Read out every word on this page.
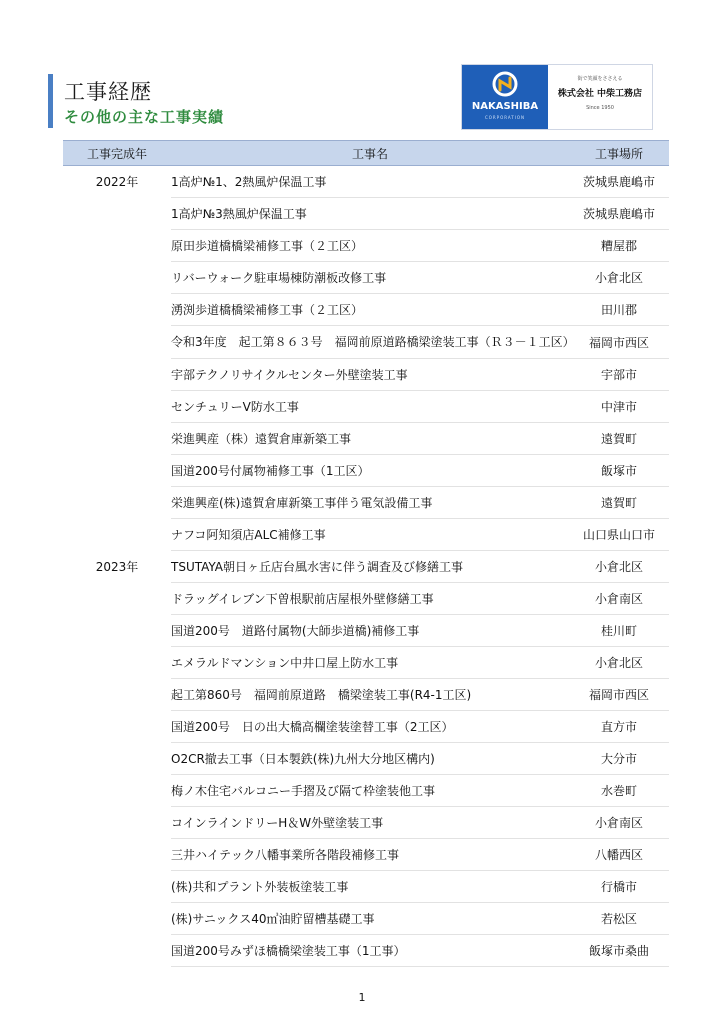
工事経歴
その他の主な工事実績
NAKASHIBA
CORPORATION
街で笑顔をささえる
株式会社 中柴工務店
Since 1950
工事完成年	工事名	工事場所
2022年	1高炉№1、2熱風炉保温工事	茨城県鹿嶋市
	1高炉№3熱風炉保温工事	茨城県鹿嶋市
	原田歩道橋橋梁補修工事（２工区）	糟屋郡
	リバーウォーク駐車場棟防潮板改修工事	小倉北区
	湧渕歩道橋橋梁補修工事（２工区）	田川郡
	令和3年度　起工第８６３号　福岡前原道路橋梁塗装工事（Ｒ３－１工区）	福岡市西区
	宇部テクノリサイクルセンター外壁塗装工事	宇部市
	センチュリーⅤ防水工事	中津市
	栄進興産（株）遠賀倉庫新築工事	遠賀町
	国道200号付属物補修工事（1工区）	飯塚市
	栄進興産(株)遠賀倉庫新築工事伴う電気設備工事	遠賀町
	ナフコ阿知須店ALC補修工事	山口県山口市
2023年	TSUTAYA朝日ヶ丘店台風水害に伴う調査及び修繕工事	小倉北区
	ドラッグイレブン下曽根駅前店屋根外壁修繕工事	小倉南区
	国道200号　道路付属物(大師歩道橋)補修工事	桂川町
	エメラルドマンション中井口屋上防水工事	小倉北区
	起工第860号　福岡前原道路　橋梁塗装工事(R4-1工区)	福岡市西区
	国道200号　日の出大橋高欄塗装塗替工事（2工区）	直方市
	O2CR撤去工事（日本製鉄(株)九州大分地区構内)	大分市
	梅ノ木住宅バルコニー手摺及び隔て枠塗装他工事	水巻町
	コインラインドリーH＆W外壁塗装工事	小倉南区
	三井ハイテック八幡事業所各階段補修工事	八幡西区
	(株)共和プラント外装板塗装工事	行橋市
	(株)サニックス40㎥油貯留槽基礎工事	若松区
	国道200号みずほ橋橋梁塗装工事（1工事）	飯塚市桑曲
1
